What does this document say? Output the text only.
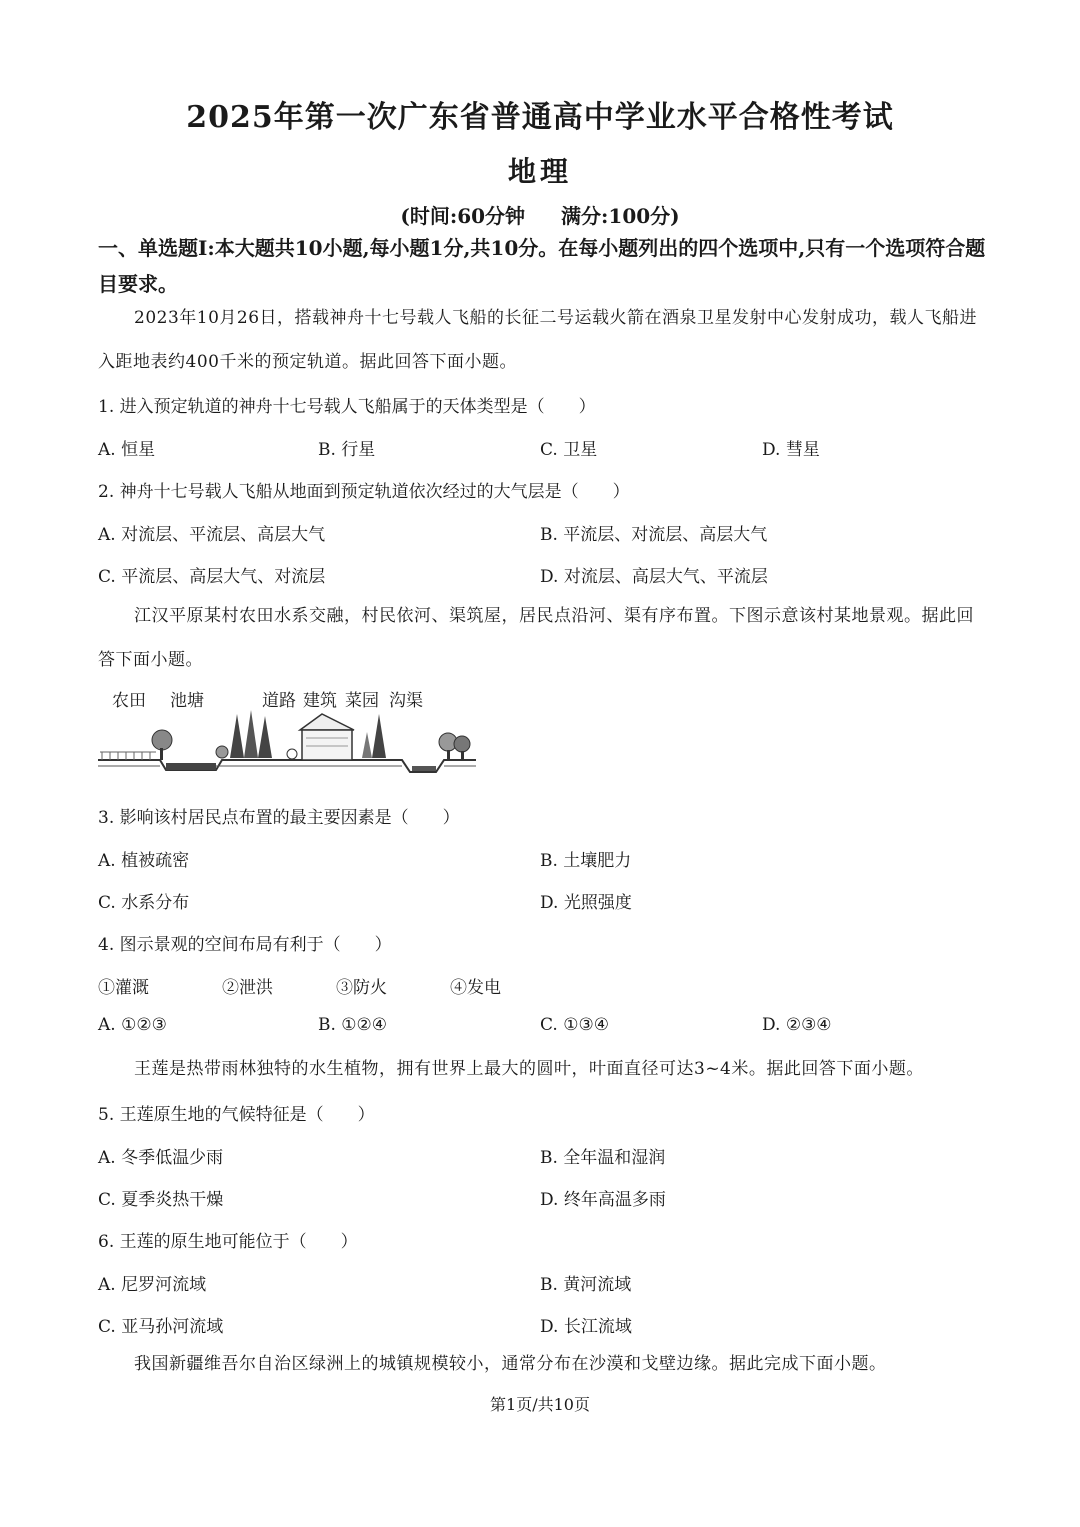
2025年第一次广东省普通高中学业水平合格性考试
地理
(时间:60分钟 满分:100分)
一、单选题I:本大题共10小题,每小题1分,共10分。在每小题列出的四个选项中,只有一个选项符合题目要求。
2023年10月26日，搭载神舟十七号载人飞船的长征二号运载火箭在酒泉卫星发射中心发射成功，载人飞船进入距地表约400千米的预定轨道。据此回答下面小题。
1. 进入预定轨道的神舟十七号载人飞船属于的天体类型是（　　）
A. 恒星	B. 行星	C. 卫星	D. 彗星
2. 神舟十七号载人飞船从地面到预定轨道依次经过的大气层是（　　）
A. 对流层、平流层、高层大气	B. 平流层、对流层、高层大气
C. 平流层、高层大气、对流层	D. 对流层、高层大气、平流层
江汉平原某村农田水系交融，村民依河、渠筑屋，居民点沿河、渠有序布置。下图示意该村某地景观。据此回答下面小题。
农田 池塘	道路 建筑 菜园 沟渠
3. 影响该村居民点布置的最主要因素是（　　）
A. 植被疏密	B. 土壤肥力
C. 水系分布	D. 光照强度
4. 图示景观的空间布局有利于（　　）
①灌溉	②泄洪	③防火	④发电
A. ①②③	B. ①②④	C. ①③④	D. ②③④
王莲是热带雨林独特的水生植物，拥有世界上最大的圆叶，叶面直径可达3~4米。据此回答下面小题。
5. 王莲原生地的气候特征是（　　）
A. 冬季低温少雨	B. 全年温和湿润
C. 夏季炎热干燥	D. 终年高温多雨
6. 王莲的原生地可能位于（　　）
A. 尼罗河流域	B. 黄河流域
C. 亚马孙河流域	D. 长江流域
我国新疆维吾尔自治区绿洲上的城镇规模较小，通常分布在沙漠和戈壁边缘。据此完成下面小题。
第1页/共10页
